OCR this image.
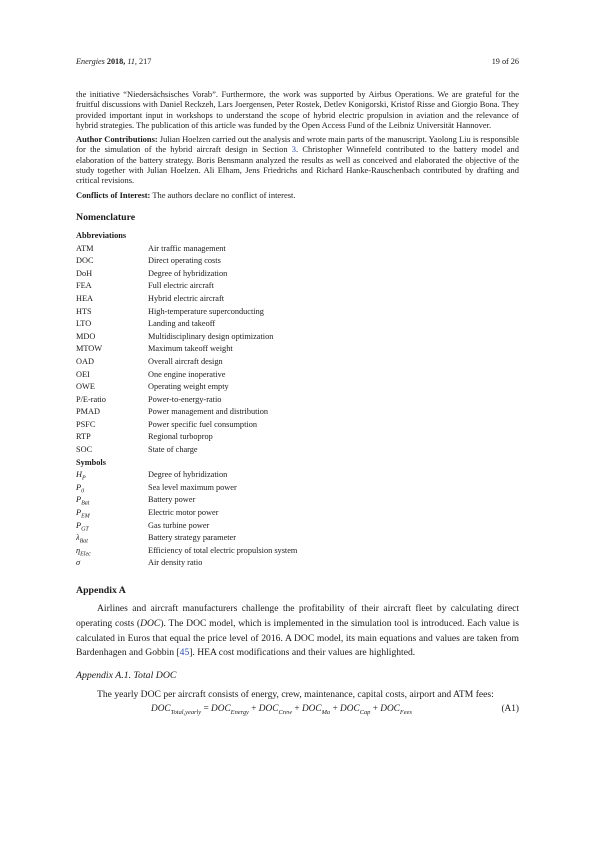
Energies 2018, 11, 217	19 of 26

the initiative “Niedersächsisches Vorab”. Furthermore, the work was supported by Airbus Operations. We are grateful for the fruitful discussions with Daniel Reckzeh, Lars Joergensen, Peter Rostek, Detlev Konigorski, Kristof Risse and Giorgio Bona. They provided important input in workshops to understand the scope of hybrid electric propulsion in aviation and the relevance of hybrid strategies. The publication of this article was funded by the Open Access Fund of the Leibniz Universität Hannover.

Author Contributions: Julian Hoelzen carried out the analysis and wrote main parts of the manuscript. Yaolong Liu is responsible for the simulation of the hybrid aircraft design in Section 3. Christopher Winnefeld contributed to the battery model and elaboration of the battery strategy. Boris Bensmann analyzed the results as well as conceived and elaborated the objective of the study together with Julian Hoelzen. Ali Elham, Jens Friedrichs and Richard Hanke-Rauschenbach contributed by drafting and critical revisions.

Conflicts of Interest: The authors declare no conflict of interest.

Nomenclature

Abbreviations
ATM	Air traffic management
DOC	Direct operating costs
DoH	Degree of hybridization
FEA	Full electric aircraft
HEA	Hybrid electric aircraft
HTS	High-temperature superconducting
LTO	Landing and takeoff
MDO	Multidisciplinary design optimization
MTOW	Maximum takeoff weight
OAD	Overall aircraft design
OEI	One engine inoperative
OWE	Operating weight empty
P/E-ratio	Power-to-energy-ratio
PMAD	Power management and distribution
PSFC	Power specific fuel consumption
RTP	Regional turboprop
SOC	State of charge
Symbols
$H_P$	Degree of hybridization
$P_0$	Sea level maximum power
$P_{Bat}$	Battery power
$P_{EM}$	Electric motor power
$P_{GT}$	Gas turbine power
$\lambda_{Bat}$	Battery strategy parameter
$\eta_{Elec}$	Efficiency of total electric propulsion system
σ	Air density ratio

Appendix A

Airlines and aircraft manufacturers challenge the profitability of their aircraft fleet by calculating direct operating costs (DOC). The DOC model, which is implemented in the simulation tool is introduced. Each value is calculated in Euros that equal the price level of 2016. A DOC model, its main equations and values are taken from Bardenhagen and Gobbin [45]. HEA cost modifications and their values are highlighted.

Appendix A.1. Total DOC

The yearly DOC per aircraft consists of energy, crew, maintenance, capital costs, airport and ATM fees:

$DOC_{Total,yearly} = DOC_{Energy} + DOC_{Crew} + DOC_{Ma} + DOC_{Cap} + DOC_{Fees}$	(A1)
